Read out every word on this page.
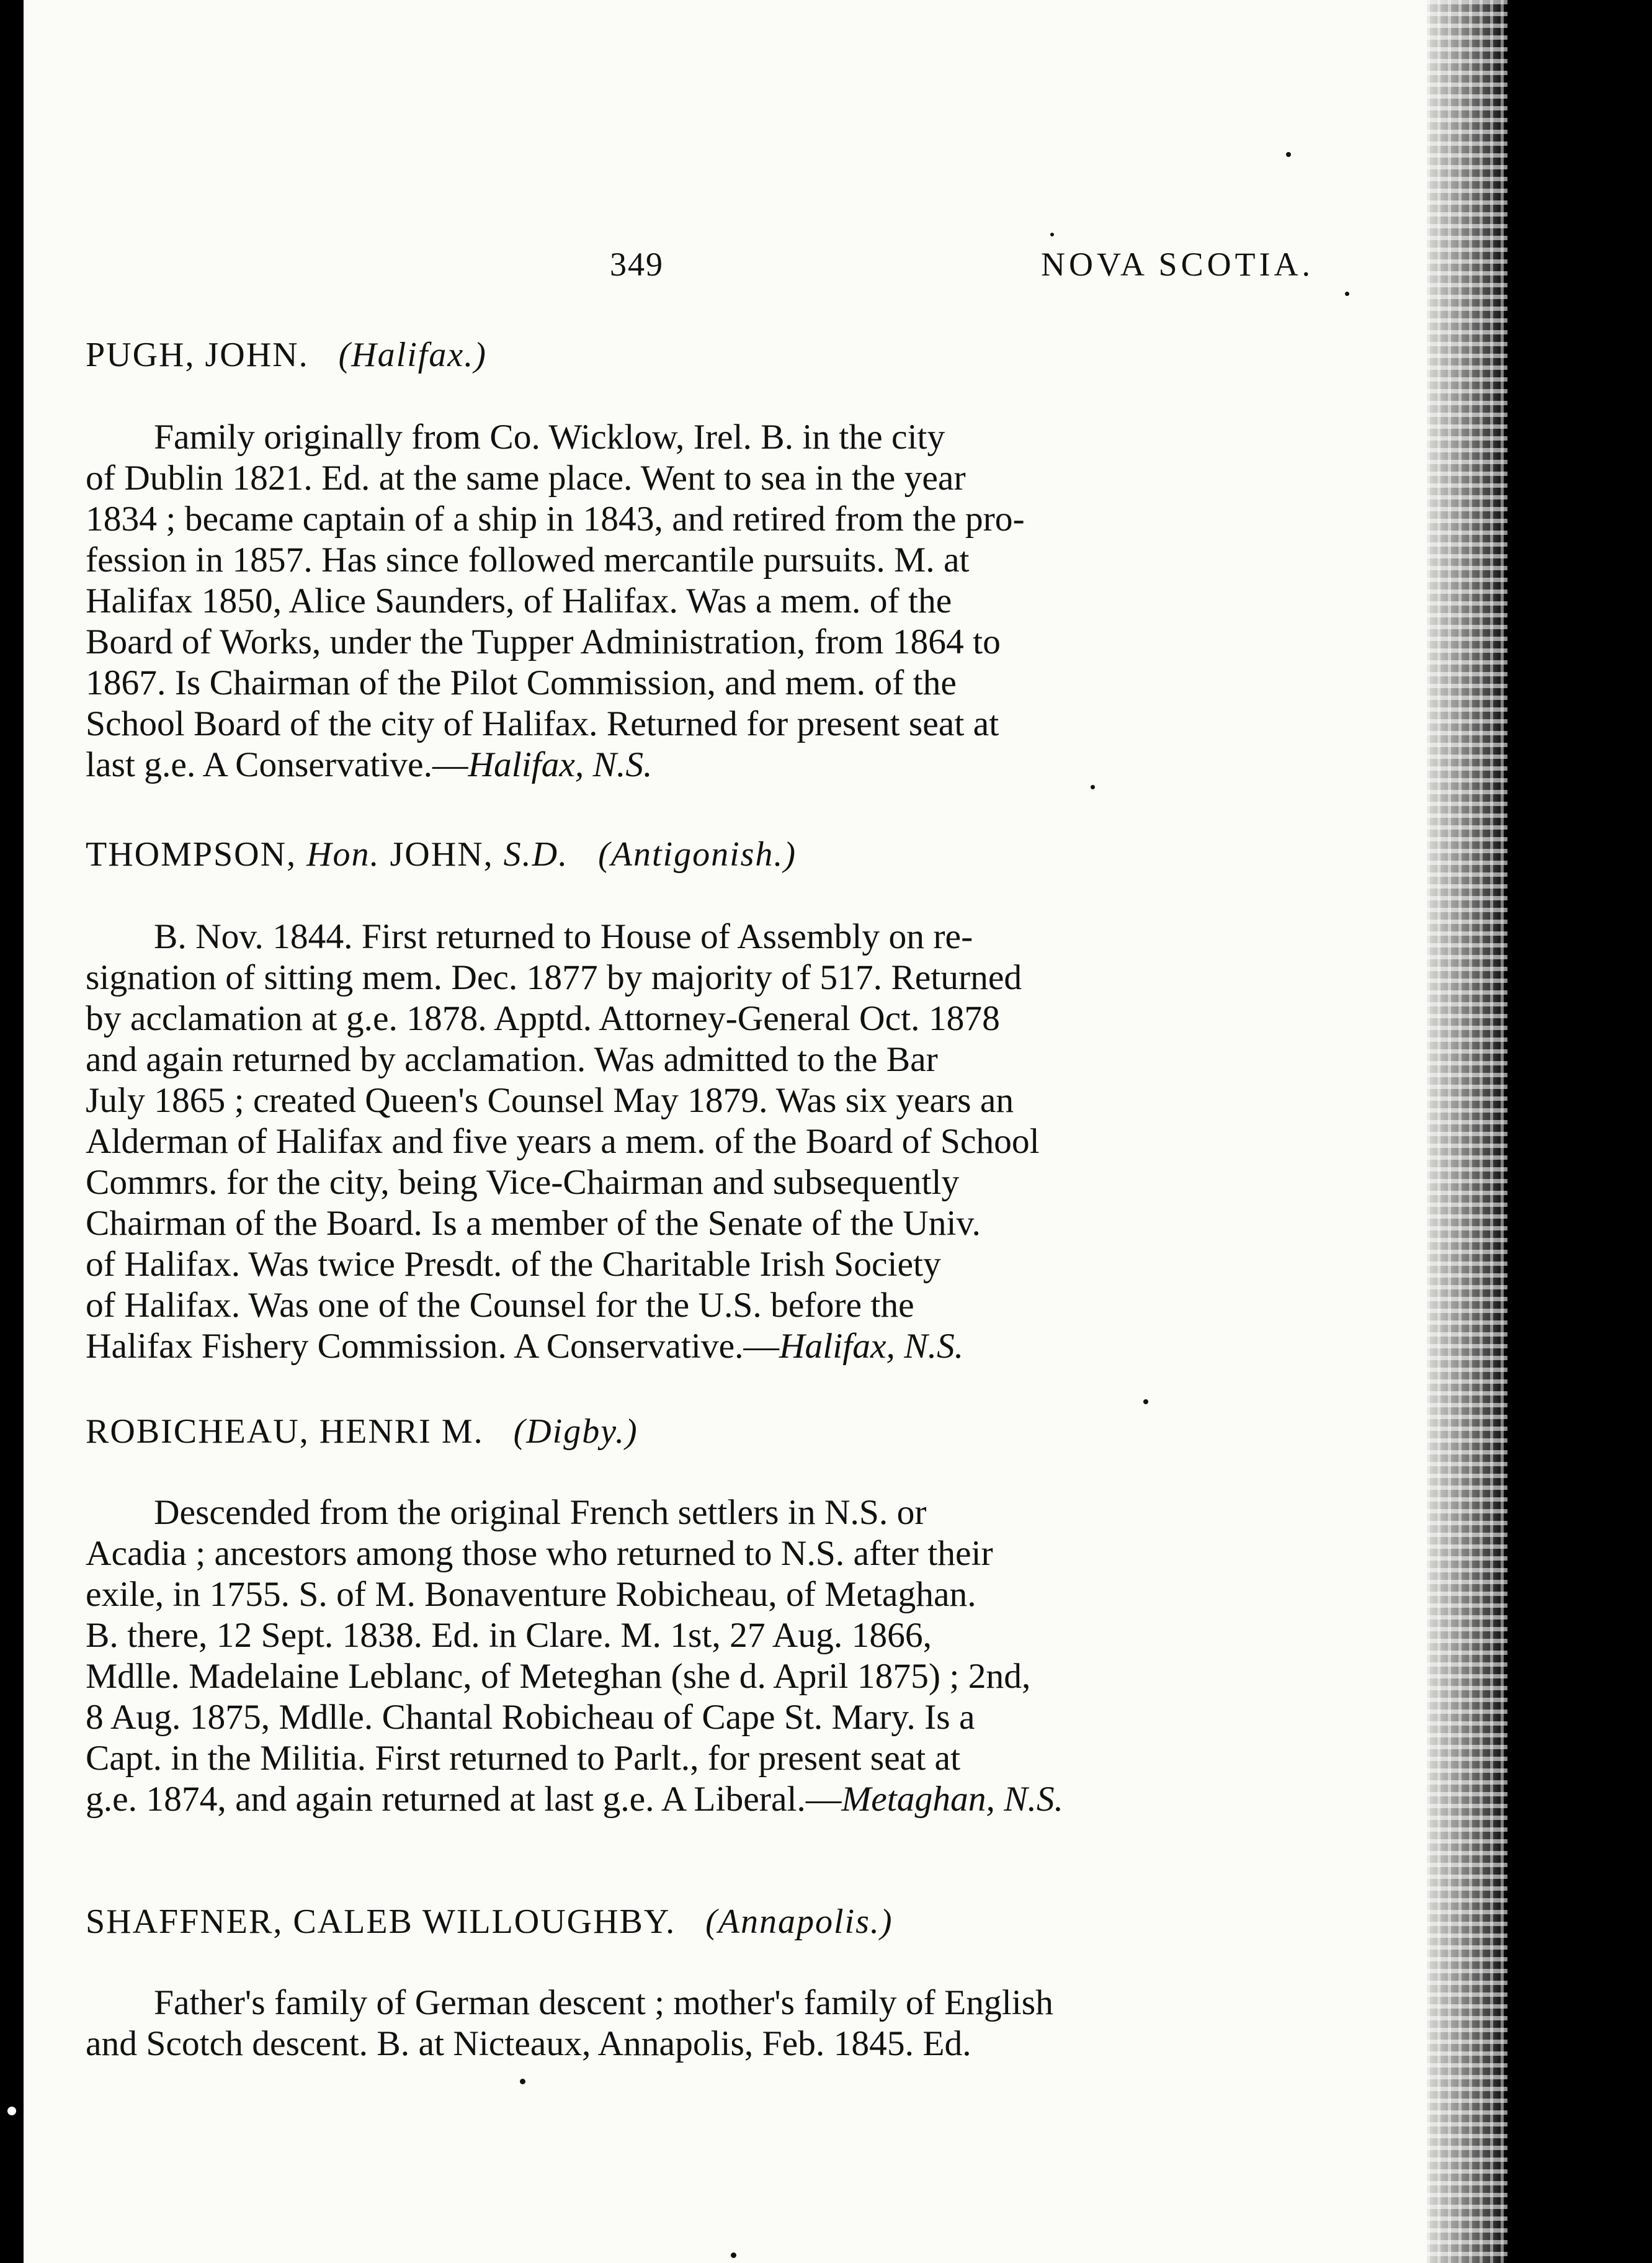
349	NOVA SCOTIA.
PUGH, JOHN.   (Halifax.)
Family originally from Co. Wicklow, Irel. B. in the city
of Dublin 1821. Ed. at the same place. Went to sea in the year
1834 ; became captain of a ship in 1843, and retired from the pro-
fession in 1857. Has since followed mercantile pursuits. M. at
Halifax 1850, Alice Saunders, of Halifax. Was a mem. of the
Board of Works, under the Tupper Administration, from 1864 to
1867. Is Chairman of the Pilot Commission, and mem. of the
School Board of the city of Halifax. Returned for present seat at
last g.e. A Conservative.—Halifax, N.S.
THOMPSON, Hon. JOHN, S.D. (Antigonish.)
B. Nov. 1844. First returned to House of Assembly on re-
signation of sitting mem. Dec. 1877 by majority of 517. Returned
by acclamation at g.e. 1878. Apptd. Attorney-General Oct. 1878
and again returned by acclamation. Was admitted to the Bar
July 1865 ; created Queen's Counsel May 1879. Was six years an
Alderman of Halifax and five years a mem. of the Board of School
Commrs. for the city, being Vice-Chairman and subsequently
Chairman of the Board. Is a member of the Senate of the Univ.
of Halifax. Was twice Presdt. of the Charitable Irish Society
of Halifax. Was one of the Counsel for the U.S. before the
Halifax Fishery Commission. A Conservative.—Halifax, N.S.
ROBICHEAU, HENRI M. (Digby.)
Descended from the original French settlers in N.S. or
Acadia ; ancestors among those who returned to N.S. after their
exile, in 1755. S. of M. Bonaventure Robicheau, of Metaghan.
B. there, 12 Sept. 1838. Ed. in Clare. M. 1st, 27 Aug. 1866,
Mdlle. Madelaine Leblanc, of Meteghan (she d. April 1875) ; 2nd,
8 Aug. 1875, Mdlle. Chantal Robicheau of Cape St. Mary. Is a
Capt. in the Militia. First returned to Parlt., for present seat at
g.e. 1874, and again returned at last g.e. A Liberal.—Metaghan, N.S.
SHAFFNER, CALEB WILLOUGHBY.   (Annapolis.)
Father's family of German descent ; mother's family of English
and Scotch descent. B. at Nicteaux, Annapolis, Feb. 1845. Ed.
